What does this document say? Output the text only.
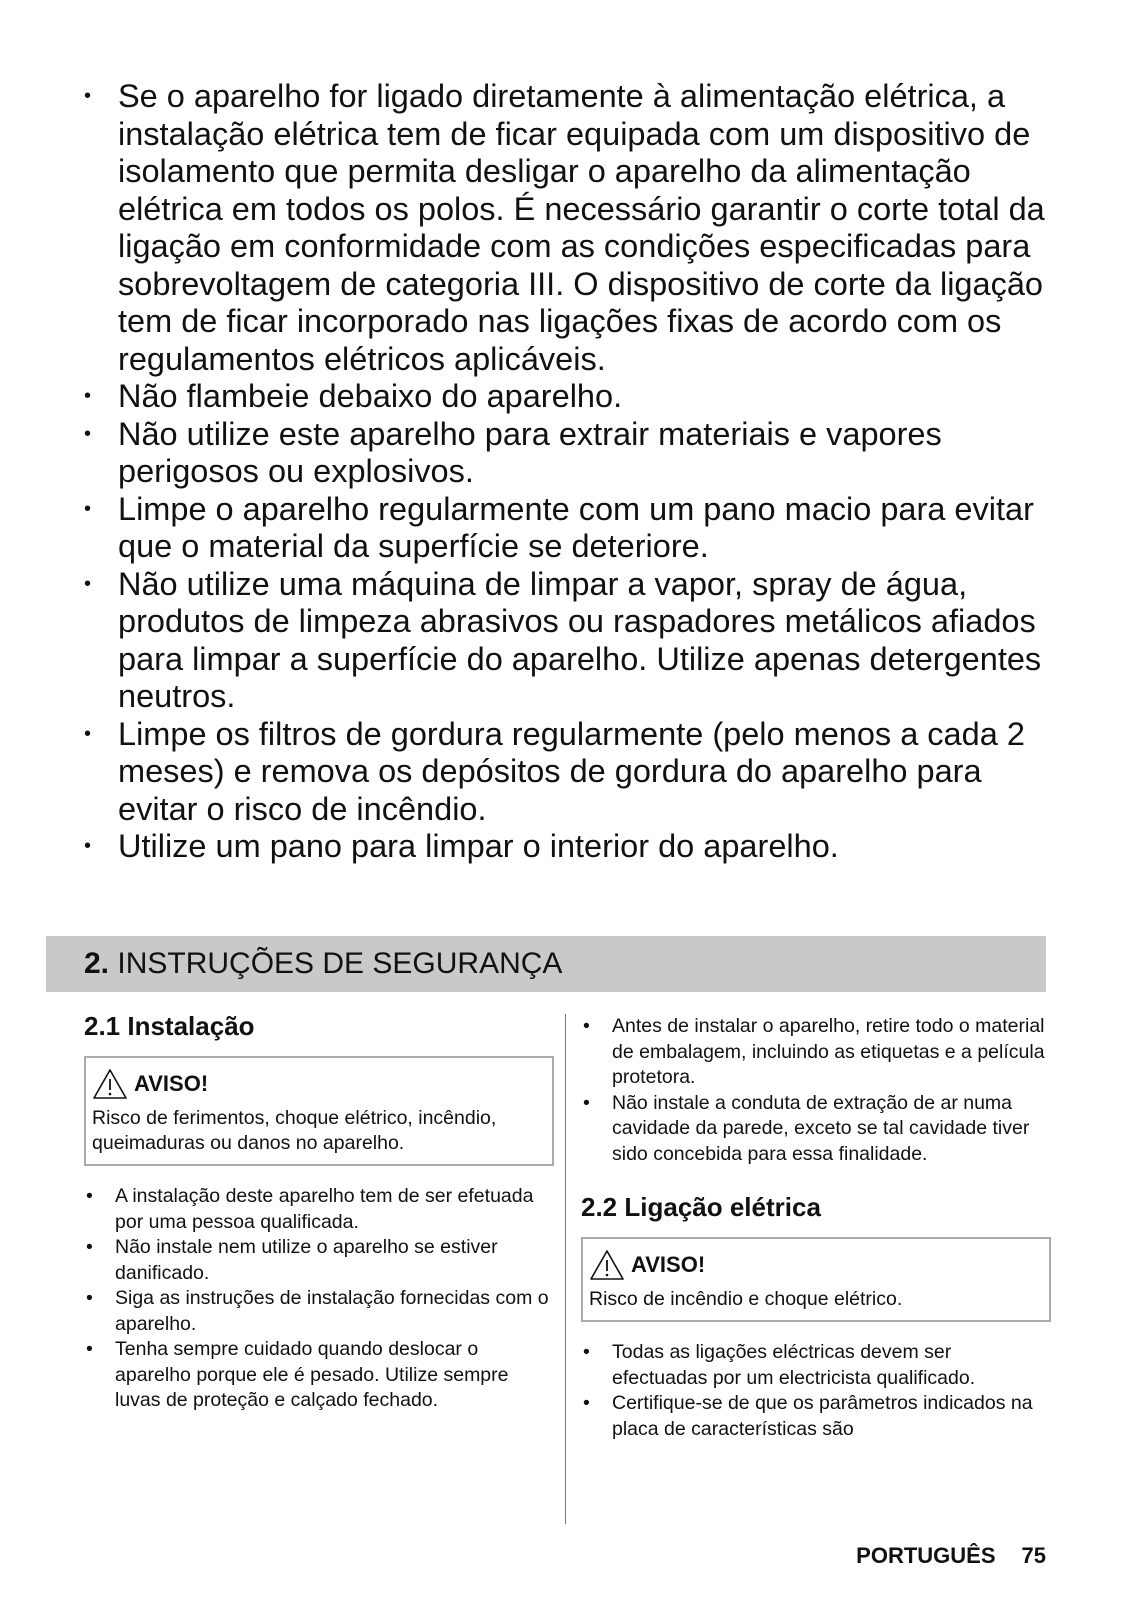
• Se o aparelho for ligado diretamente à alimentação elétrica, a instalação elétrica tem de ficar equipada com um dispositivo de isolamento que permita desligar o aparelho da alimentação elétrica em todos os polos. É necessário garantir o corte total da ligação em conformidade com as condições especificadas para sobrevoltagem de categoria III. O dispositivo de corte da ligação tem de ficar incorporado nas ligações fixas de acordo com os regulamentos elétricos aplicáveis.
• Não flambeie debaixo do aparelho.
• Não utilize este aparelho para extrair materiais e vapores perigosos ou explosivos.
• Limpe o aparelho regularmente com um pano macio para evitar que o material da superfície se deteriore.
• Não utilize uma máquina de limpar a vapor, spray de água, produtos de limpeza abrasivos ou raspadores metálicos afiados para limpar a superfície do aparelho. Utilize apenas detergentes neutros.
• Limpe os filtros de gordura regularmente (pelo menos a cada 2 meses) e remova os depósitos de gordura do aparelho para evitar o risco de incêndio.
• Utilize um pano para limpar o interior do aparelho.
2. INSTRUÇÕES DE SEGURANÇA
2.1 Instalação
AVISO!
Risco de ferimentos, choque elétrico, incêndio, queimaduras ou danos no aparelho.
• A instalação deste aparelho tem de ser efetuada por uma pessoa qualificada.
• Não instale nem utilize o aparelho se estiver danificado.
• Siga as instruções de instalação fornecidas com o aparelho.
• Tenha sempre cuidado quando deslocar o aparelho porque ele é pesado. Utilize sempre luvas de proteção e calçado fechado.
• Antes de instalar o aparelho, retire todo o material de embalagem, incluindo as etiquetas e a película protetora.
• Não instale a conduta de extração de ar numa cavidade da parede, exceto se tal cavidade tiver sido concebida para essa finalidade.
2.2 Ligação elétrica
AVISO!
Risco de incêndio e choque elétrico.
• Todas as ligações eléctricas devem ser efectuadas por um electricista qualificado.
• Certifique-se de que os parâmetros indicados na placa de características são
PORTUGUÊS 75
